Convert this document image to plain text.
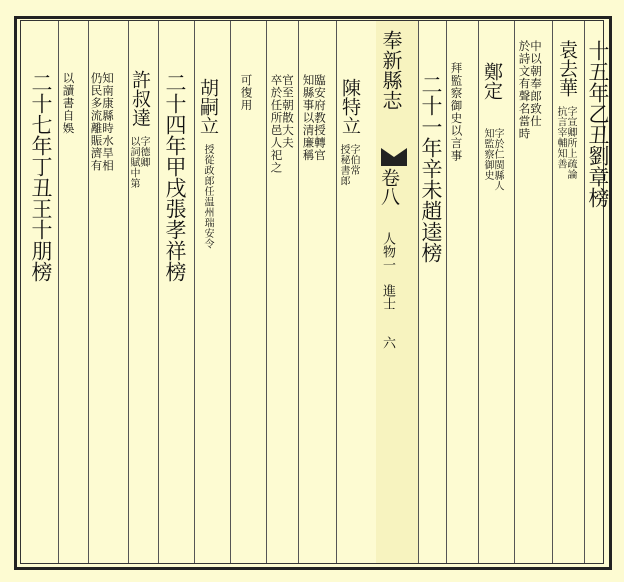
奉新縣志
卷八
人物一　進士　　六
十五年乙丑劉章榜
袁去華
字宣卿所上疏論
抗言宰輔知善
中以朝奉郎致仕
於詩文有聲名當時
鄭定
字於仁閩縣人
知監察御史
拜監察御史以言事
二十一年辛未趙逵榜
陳特立
字伯常
授秘書郎
臨安府教授轉官
知縣事以清廉稱
官至朝散大夫
卒於任所邑人祀之
可復用
胡嗣立
授從政郎任温州瑞安令
二十四年甲戌張孝祥榜
許叔達
字德卿
以詞賦中第
知南康縣時水旱相
仍民多流離賑濟有
以讀書自娛
二十七年丁丑王十朋榜
